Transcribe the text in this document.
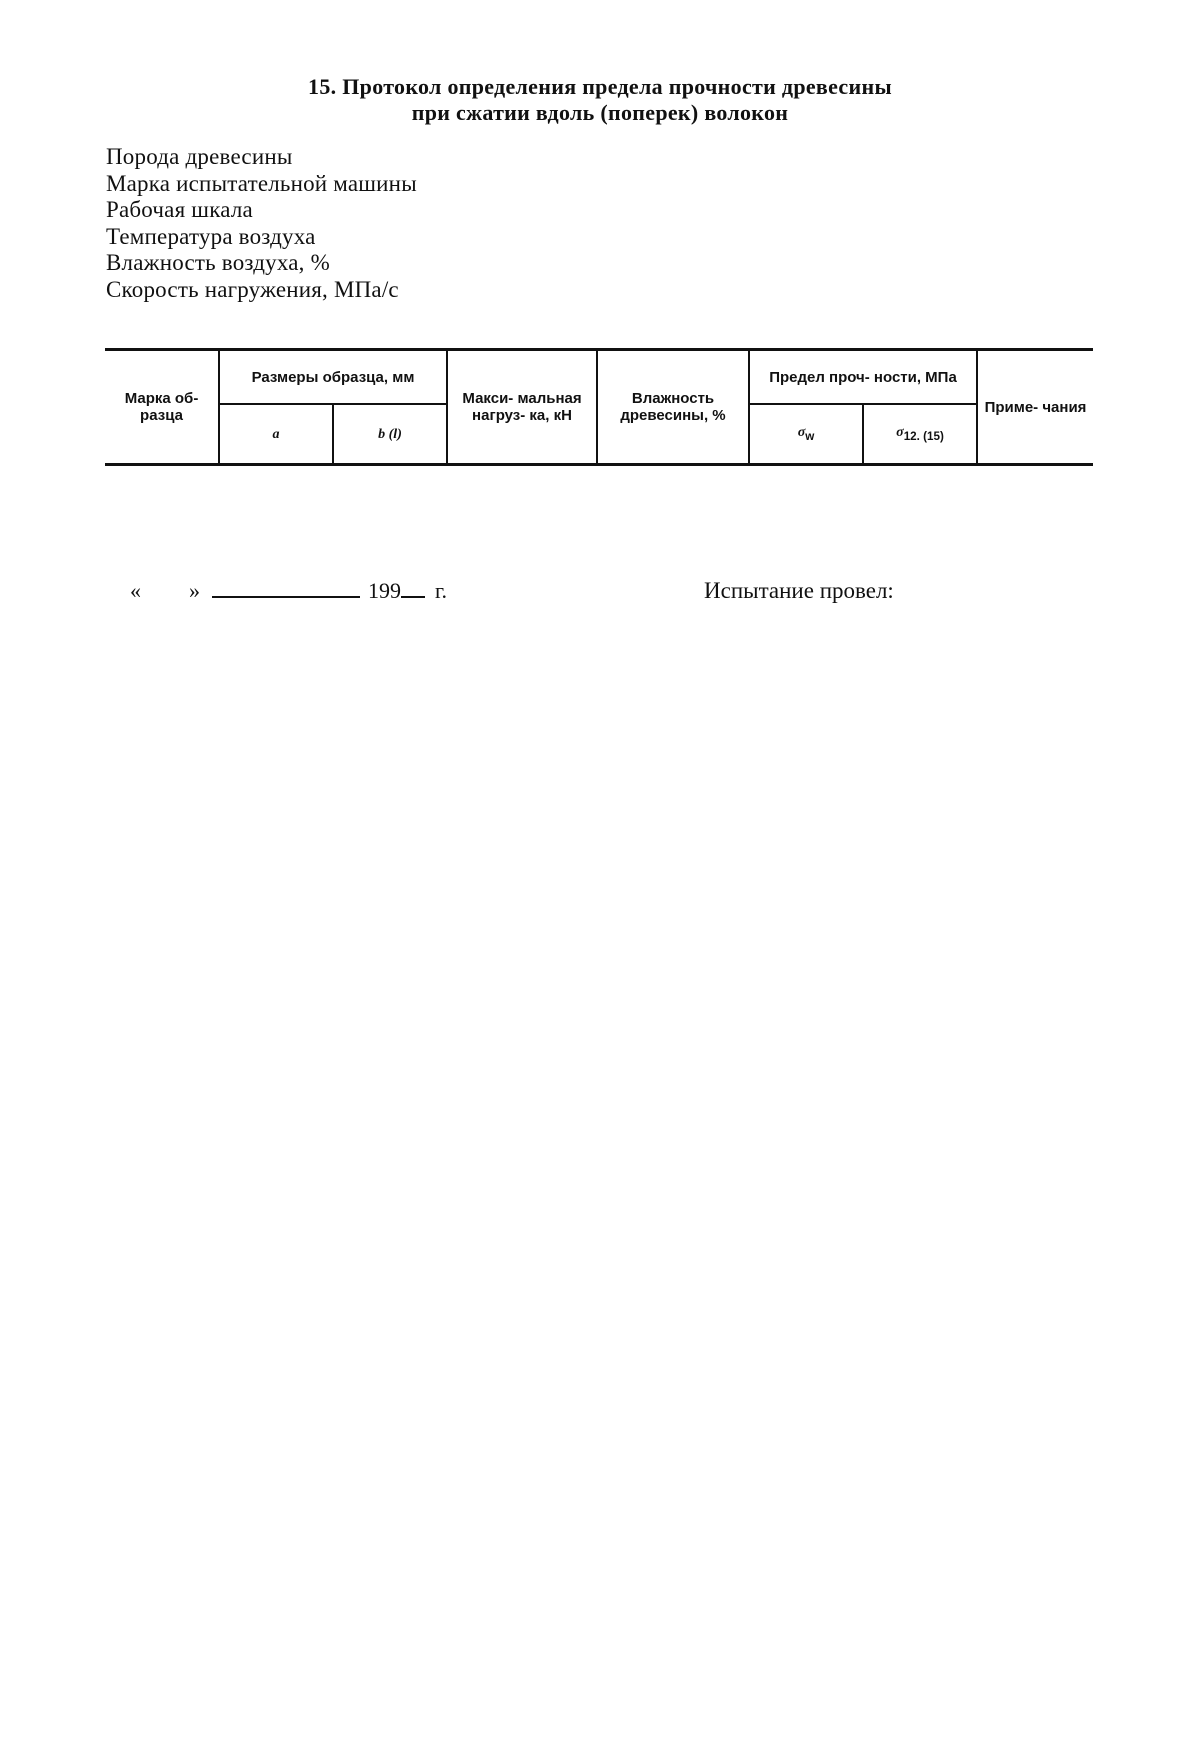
15. Протокол определения предела прочности древесины
при сжатии вдоль (поперек) волокон
Порода древесины
Марка испытательной машины
Рабочая шкала
Температура воздуха
Влажность воздуха, %
Скорость нагружения, МПа/с
Марка об- разца	Размеры образца, мм		Макси- мальная нагруз- ка, кН	Влажность древесины, %	Предел проч- ности, МПа		Приме- чания
	a	b (l)			$\sigma_w$	$\sigma_{12. (15)}$
« »	199 г.	Испытание провел:
